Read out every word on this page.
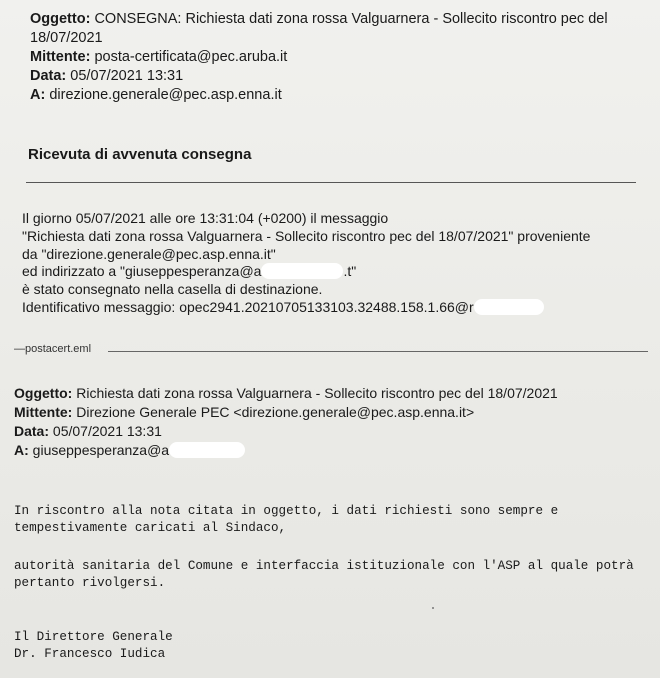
Oggetto: CONSEGNA: Richiesta dati zona rossa Valguarnera - Sollecito riscontro pec del

18/07/2021

Mittente: posta-certificata@pec.aruba.it

Data: 05/07/2021 13:31

A: direzione.generale@pec.asp.enna.it

Ricevuta di avvenuta consegna

Il giorno 05/07/2021 alle ore 13:31:04 (+0200) il messaggio

"Richiesta dati zona rossa Valguarnera - Sollecito riscontro pec del 18/07/2021" proveniente

da "direzione.generale@pec.asp.enna.it"

ed indirizzato a "giuseppesperanza@a	.t"

è stato consegnato nella casella di destinazione.

Identificativo messaggio: opec2941.20210705133103.32488.158.1.66@r

—postacert.eml

Oggetto: Richiesta dati zona rossa Valguarnera - Sollecito riscontro pec del 18/07/2021

Mittente: Direzione Generale PEC <direzione.generale@pec.asp.enna.it>

Data: 05/07/2021 13:31

A: giuseppesperanza@a

In riscontro alla nota citata in oggetto, i dati richiesti sono sempre e

tempestivamente caricati al Sindaco,

autorità sanitaria del Comune e interfaccia istituzionale con l'ASP al quale potrà

pertanto rivolgersi.

Il Direttore Generale

Dr. Francesco Iudica
